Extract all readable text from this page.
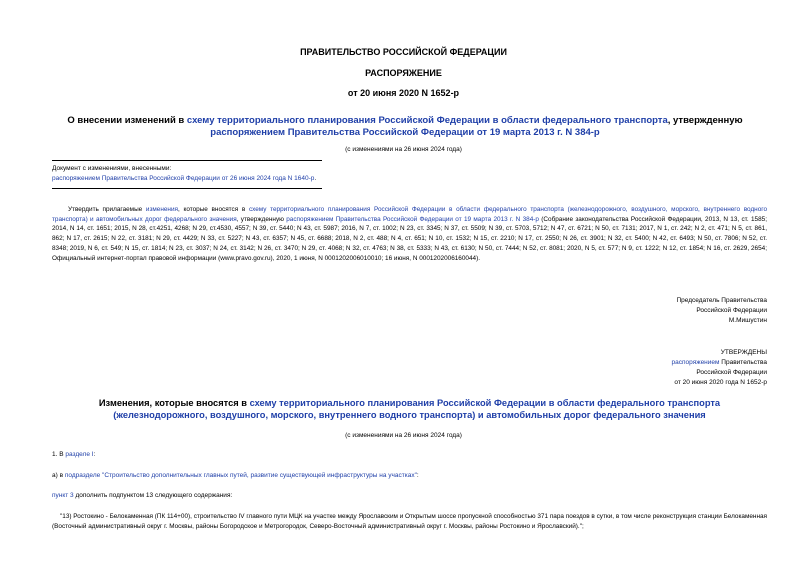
ПРАВИТЕЛЬСТВО РОССИЙСКОЙ ФЕДЕРАЦИИ
РАСПОРЯЖЕНИЕ
от 20 июня 2020 N 1652-р
О внесении изменений в схему территориального планирования Российской Федерации в области федерального транспорта, утвержденную распоряжением Правительства Российской Федерации от 19 марта 2013 г. N 384-р
(с изменениями на 26 июня 2024 года)
Документ с изменениями, внесенными:
распоряжением Правительства Российской Федерации от 26 июня 2024 года N 1640-р.
Утвердить прилагаемые изменения, которые вносятся в схему территориального планирования Российской Федерации в области федерального транспорта (железнодорожного, воздушного, морского, внутреннего водного транспорта) и автомобильных дорог федерального значения, утвержденную распоряжением Правительства Российской Федерации от 19 марта 2013 г. N 384-р (Собрание законодательства Российской Федерации, 2013, N 13, ст. 1585; 2014, N 14, ст. 1651; 2015, N 28, ст.4251, 4268; N 29, ст.4530, 4557; N 39, ст. 5440; N 43, ст. 5987; 2016, N 7, ст. 1002; N 23, ст. 3345; N 37, ст. 5509; N 39, ст. 5703, 5712; N 47, ст. 6721; N 50, ст. 7131; 2017, N 1, ст. 242; N 2, ст. 471; N 5, ст. 861, 862; N 17, ст. 2615; N 22, ст. 3181; N 29, ст. 4429; N 33, ст. 5227; N 43, ст. 6357; N 45, ст. 6688; 2018, N 2, ст. 488; N 4, ст. 651; N 10, ст. 1532; N 15, ст. 2210; N 17, ст. 2550; N 26, ст. 3901; N 32, ст. 5400; N 42, ст. 6493; N 50, ст. 7806; N 52, ст. 8348; 2019, N 6, ст. 549; N 15, ст. 1814; N 23, ст. 3037; N 24, ст. 3142; N 26, ст. 3470; N 29, ст. 4068; N 32, ст. 4763; N 38, ст. 5333; N 43, ст. 6130; N 50, ст. 7444; N 52, ст. 8081; 2020, N 5, ст. 577; N 9, ст. 1222; N 12, ст. 1854; N 16, ст. 2629, 2654; Официальный интернет-портал правовой информации (www.pravo.gov.ru), 2020, 1 июня, N 0001202006010010; 16 июня, N 0001202006160044).
Председатель Правительства
Российской Федерации
М.Мишустин
УТВЕРЖДЕНЫ
распоряжением Правительства
Российской Федерации
от 20 июня 2020 года N 1652-р
Изменения, которые вносятся в схему территориального планирования Российской Федерации в области федерального транспорта (железнодорожного, воздушного, морского, внутреннего водного транспорта) и автомобильных дорог федерального значения
(с изменениями на 26 июня 2024 года)
1. В разделе I:
а) в подразделе "Строительство дополнительных главных путей, развитие существующей инфраструктуры на участках":
пункт 3 дополнить подпунктом 13 следующего содержания:
"13) Ростокино - Белокаменная (ПК 114+00), строительство IV главного пути МЦК на участке между Ярославским и Открытым шоссе пропускной способностью 371 пара поездов в сутки, в том числе реконструкция станции Белокаменная (Восточный административный округ г. Москвы, районы Богородское и Метрогородок, Северо-Восточный административный округ г. Москвы, районы Ростокино и Ярославский).";
